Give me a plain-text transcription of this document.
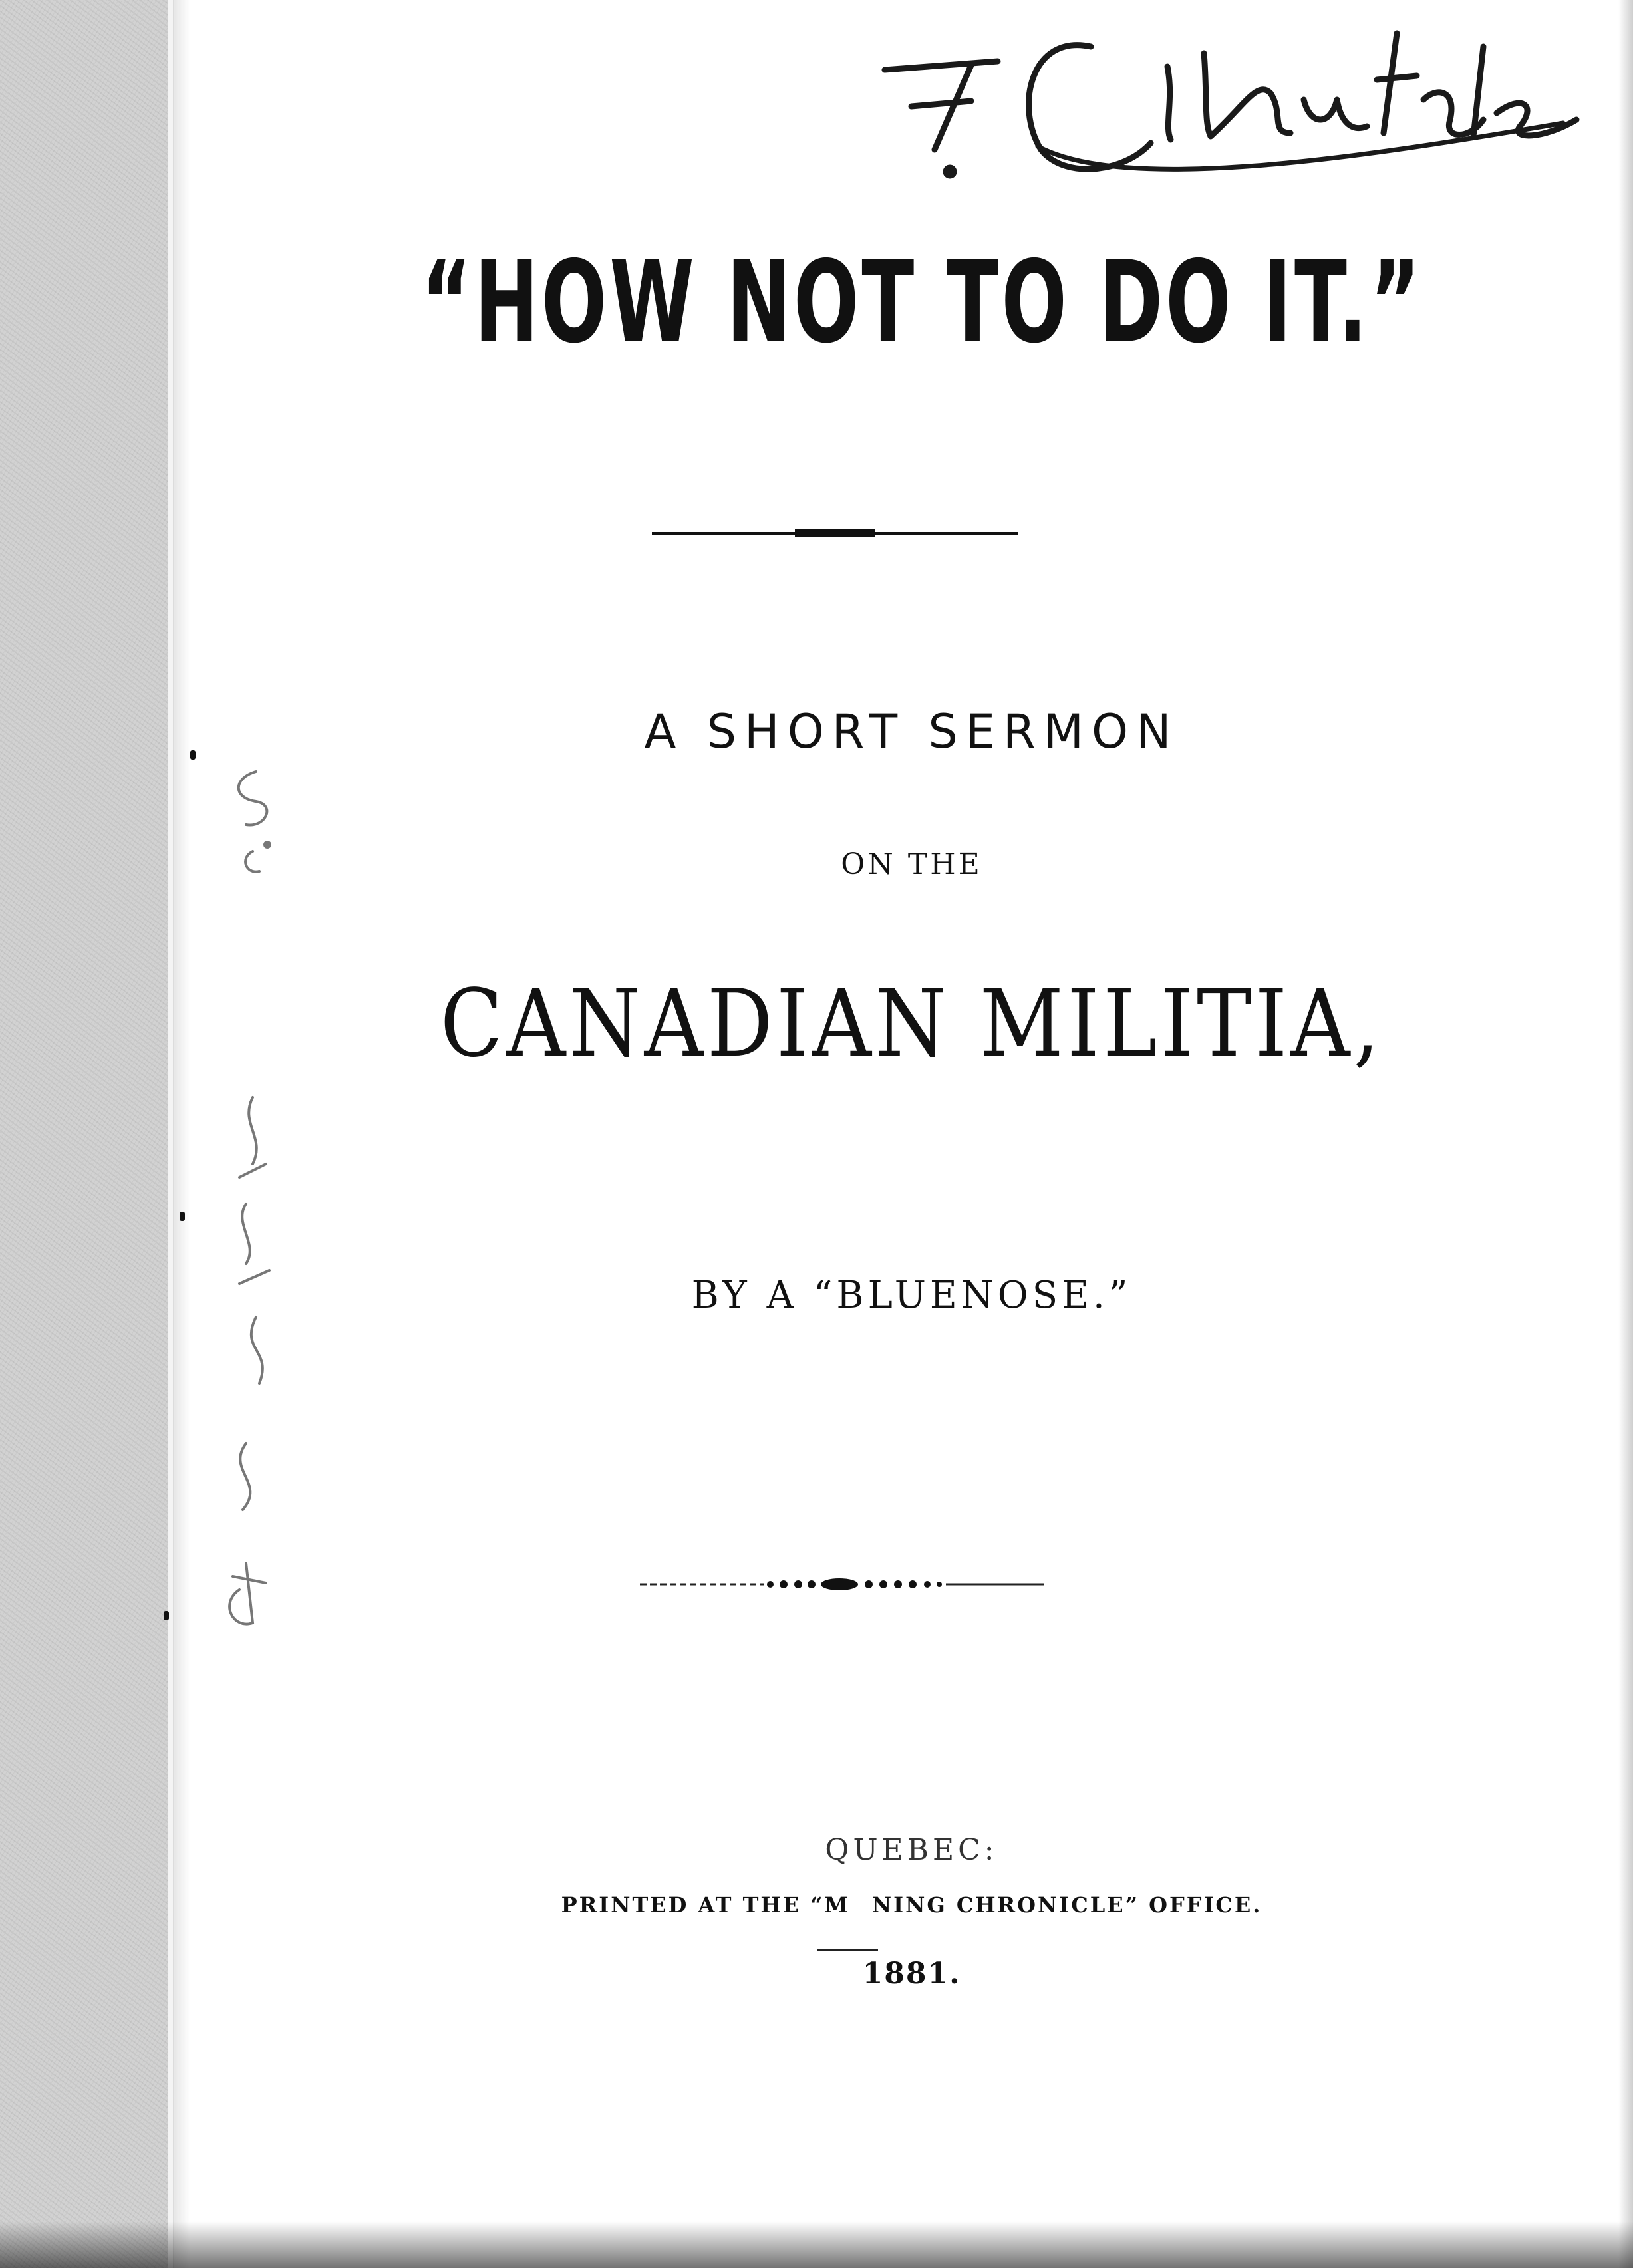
“HOW NOT TO DO IT.”
A SHORT SERMON
ON THE
CANADIAN MILITIA,
BY A “BLUENOSE.”
QUEBEC:
PRINTED AT THE “M   NING CHRONICLE” OFFICE.
1881.
